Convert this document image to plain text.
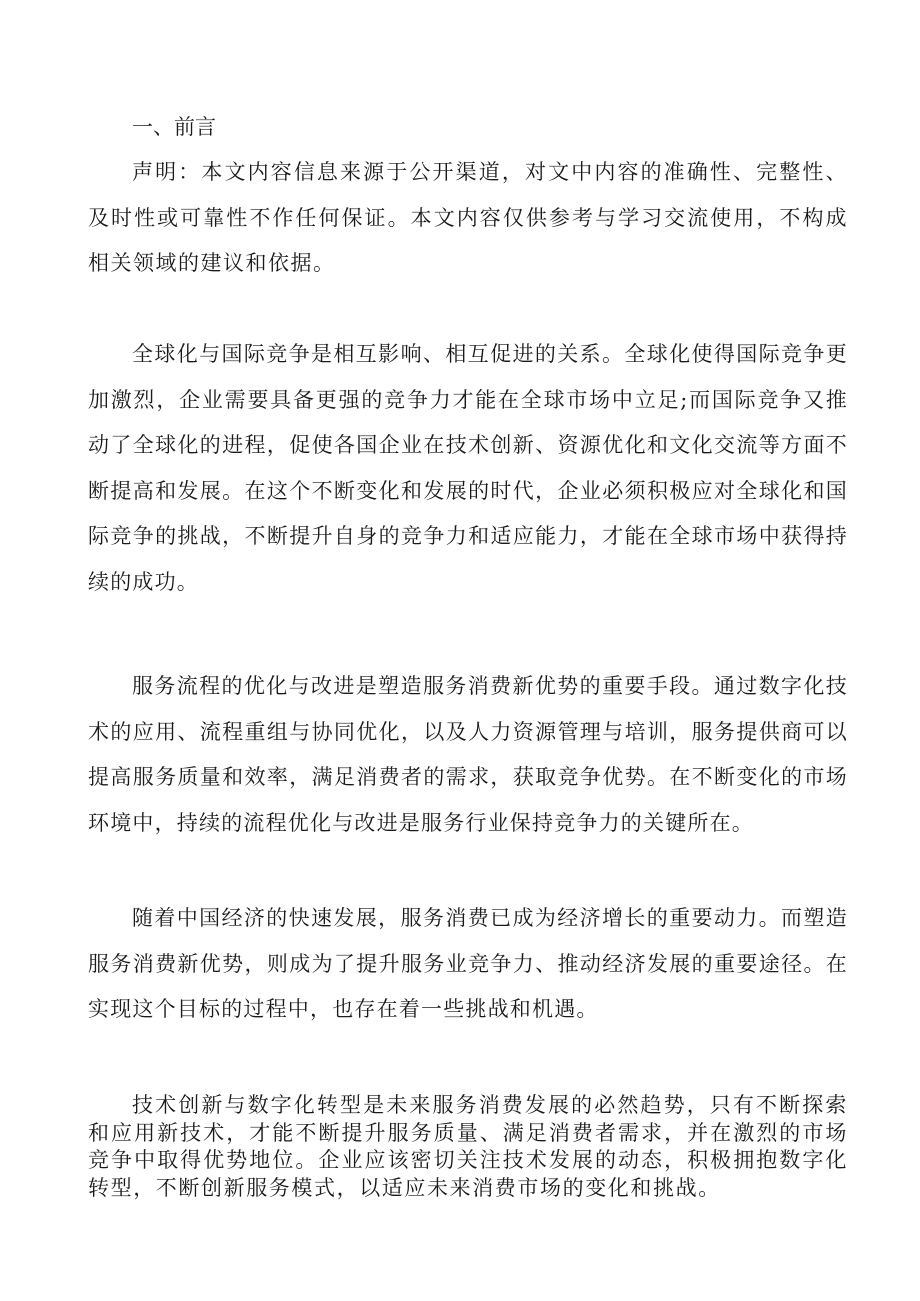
一、前言

声明：本文内容信息来源于公开渠道，对文中内容的准确性、完整性、及时性或可靠性不作任何保证。本文内容仅供参考与学习交流使用，不构成相关领域的建议和依据。

全球化与国际竞争是相互影响、相互促进的关系。全球化使得国际竞争更加激烈，企业需要具备更强的竞争力才能在全球市场中立足;而国际竞争又推动了全球化的进程，促使各国企业在技术创新、资源优化和文化交流等方面不断提高和发展。在这个不断变化和发展的时代，企业必须积极应对全球化和国际竞争的挑战，不断提升自身的竞争力和适应能力，才能在全球市场中获得持续的成功。

服务流程的优化与改进是塑造服务消费新优势的重要手段。通过数字化技术的应用、流程重组与协同优化，以及人力资源管理与培训，服务提供商可以提高服务质量和效率，满足消费者的需求，获取竞争优势。在不断变化的市场环境中，持续的流程优化与改进是服务行业保持竞争力的关键所在。

随着中国经济的快速发展，服务消费已成为经济增长的重要动力。而塑造服务消费新优势，则成为了提升服务业竞争力、推动经济发展的重要途径。在实现这个目标的过程中，也存在着一些挑战和机遇。

技术创新与数字化转型是未来服务消费发展的必然趋势，只有不断探索和应用新技术，才能不断提升服务质量、满足消费者需求，并在激烈的市场竞争中取得优势地位。企业应该密切关注技术发展的动态，积极拥抱数字化转型，不断创新服务模式，以适应未来消费市场的变化和挑战。
